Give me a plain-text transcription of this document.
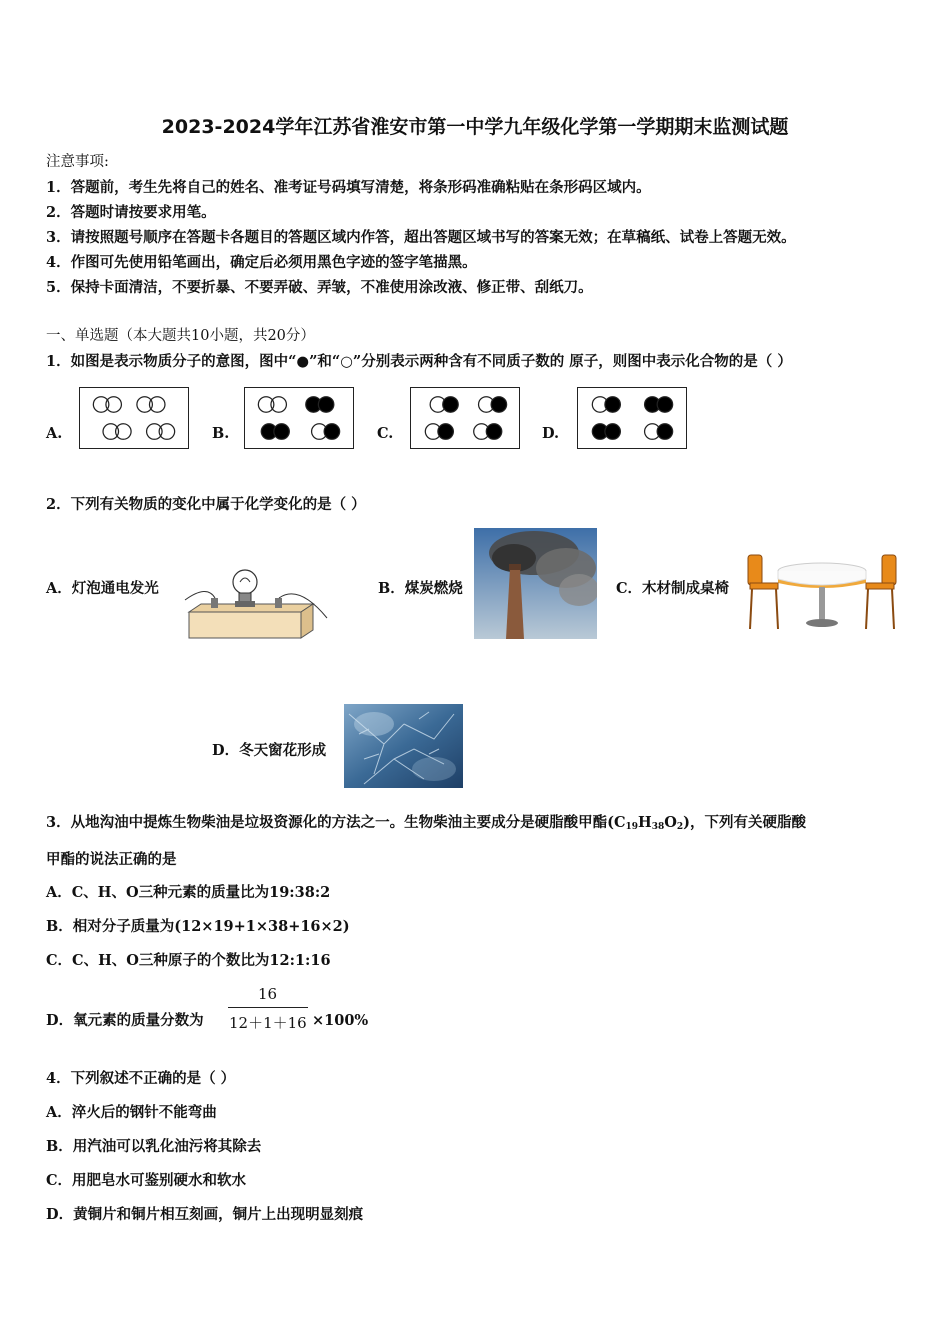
2023-2024学年江苏省淮安市第一中学九年级化学第一学期期末监测试题
注意事项:
1．答题前，考生先将自己的姓名、准考证号码填写清楚，将条形码准确粘贴在条形码区域内。
2．答题时请按要求用笔。
3．请按照题号顺序在答题卡各题目的答题区域内作答，超出答题区域书写的答案无效；在草稿纸、试卷上答题无效。
4．作图可先使用铅笔画出，确定后必须用黑色字迹的签字笔描黑。
5．保持卡面清洁，不要折暴、不要弄破、弄皱，不准使用涂改液、修正带、刮纸刀。
一、单选题（本大题共10小题，共20分）
1．如图是表示物质分子的意图，图中“●”和“○”分别表示两种含有不同质子数的 原子，则图中表示化合物的是（ ）
A.	B.	C.	D.
2．下列有关物质的变化中属于化学变化的是（ ）
A．灯泡通电发光	B．煤炭燃烧	C．木材制成桌椅
D．冬天窗花形成
3．从地沟油中提炼生物柴油是垃圾资源化的方法之一。生物柴油主要成分是硬脂酸甲酯$(C_{19}H_{38}O_2)$，下列有关硬脂酸
甲酯的说法正确的是
A．C、H、O三种元素的质量比为19:38:2
B．相对分子质量为(12×19+1×38+16×2)
C．C、H、O三种原子的个数比为12:1:16
D．氧元素的质量分数为
16
12＋1＋16 ×100%
4．下列叙述不正确的是（ ）
A．淬火后的钢针不能弯曲
B．用汽油可以乳化油污将其除去
C．用肥皂水可鉴别硬水和软水
D．黄铜片和铜片相互刻画，铜片上出现明显刻痕
